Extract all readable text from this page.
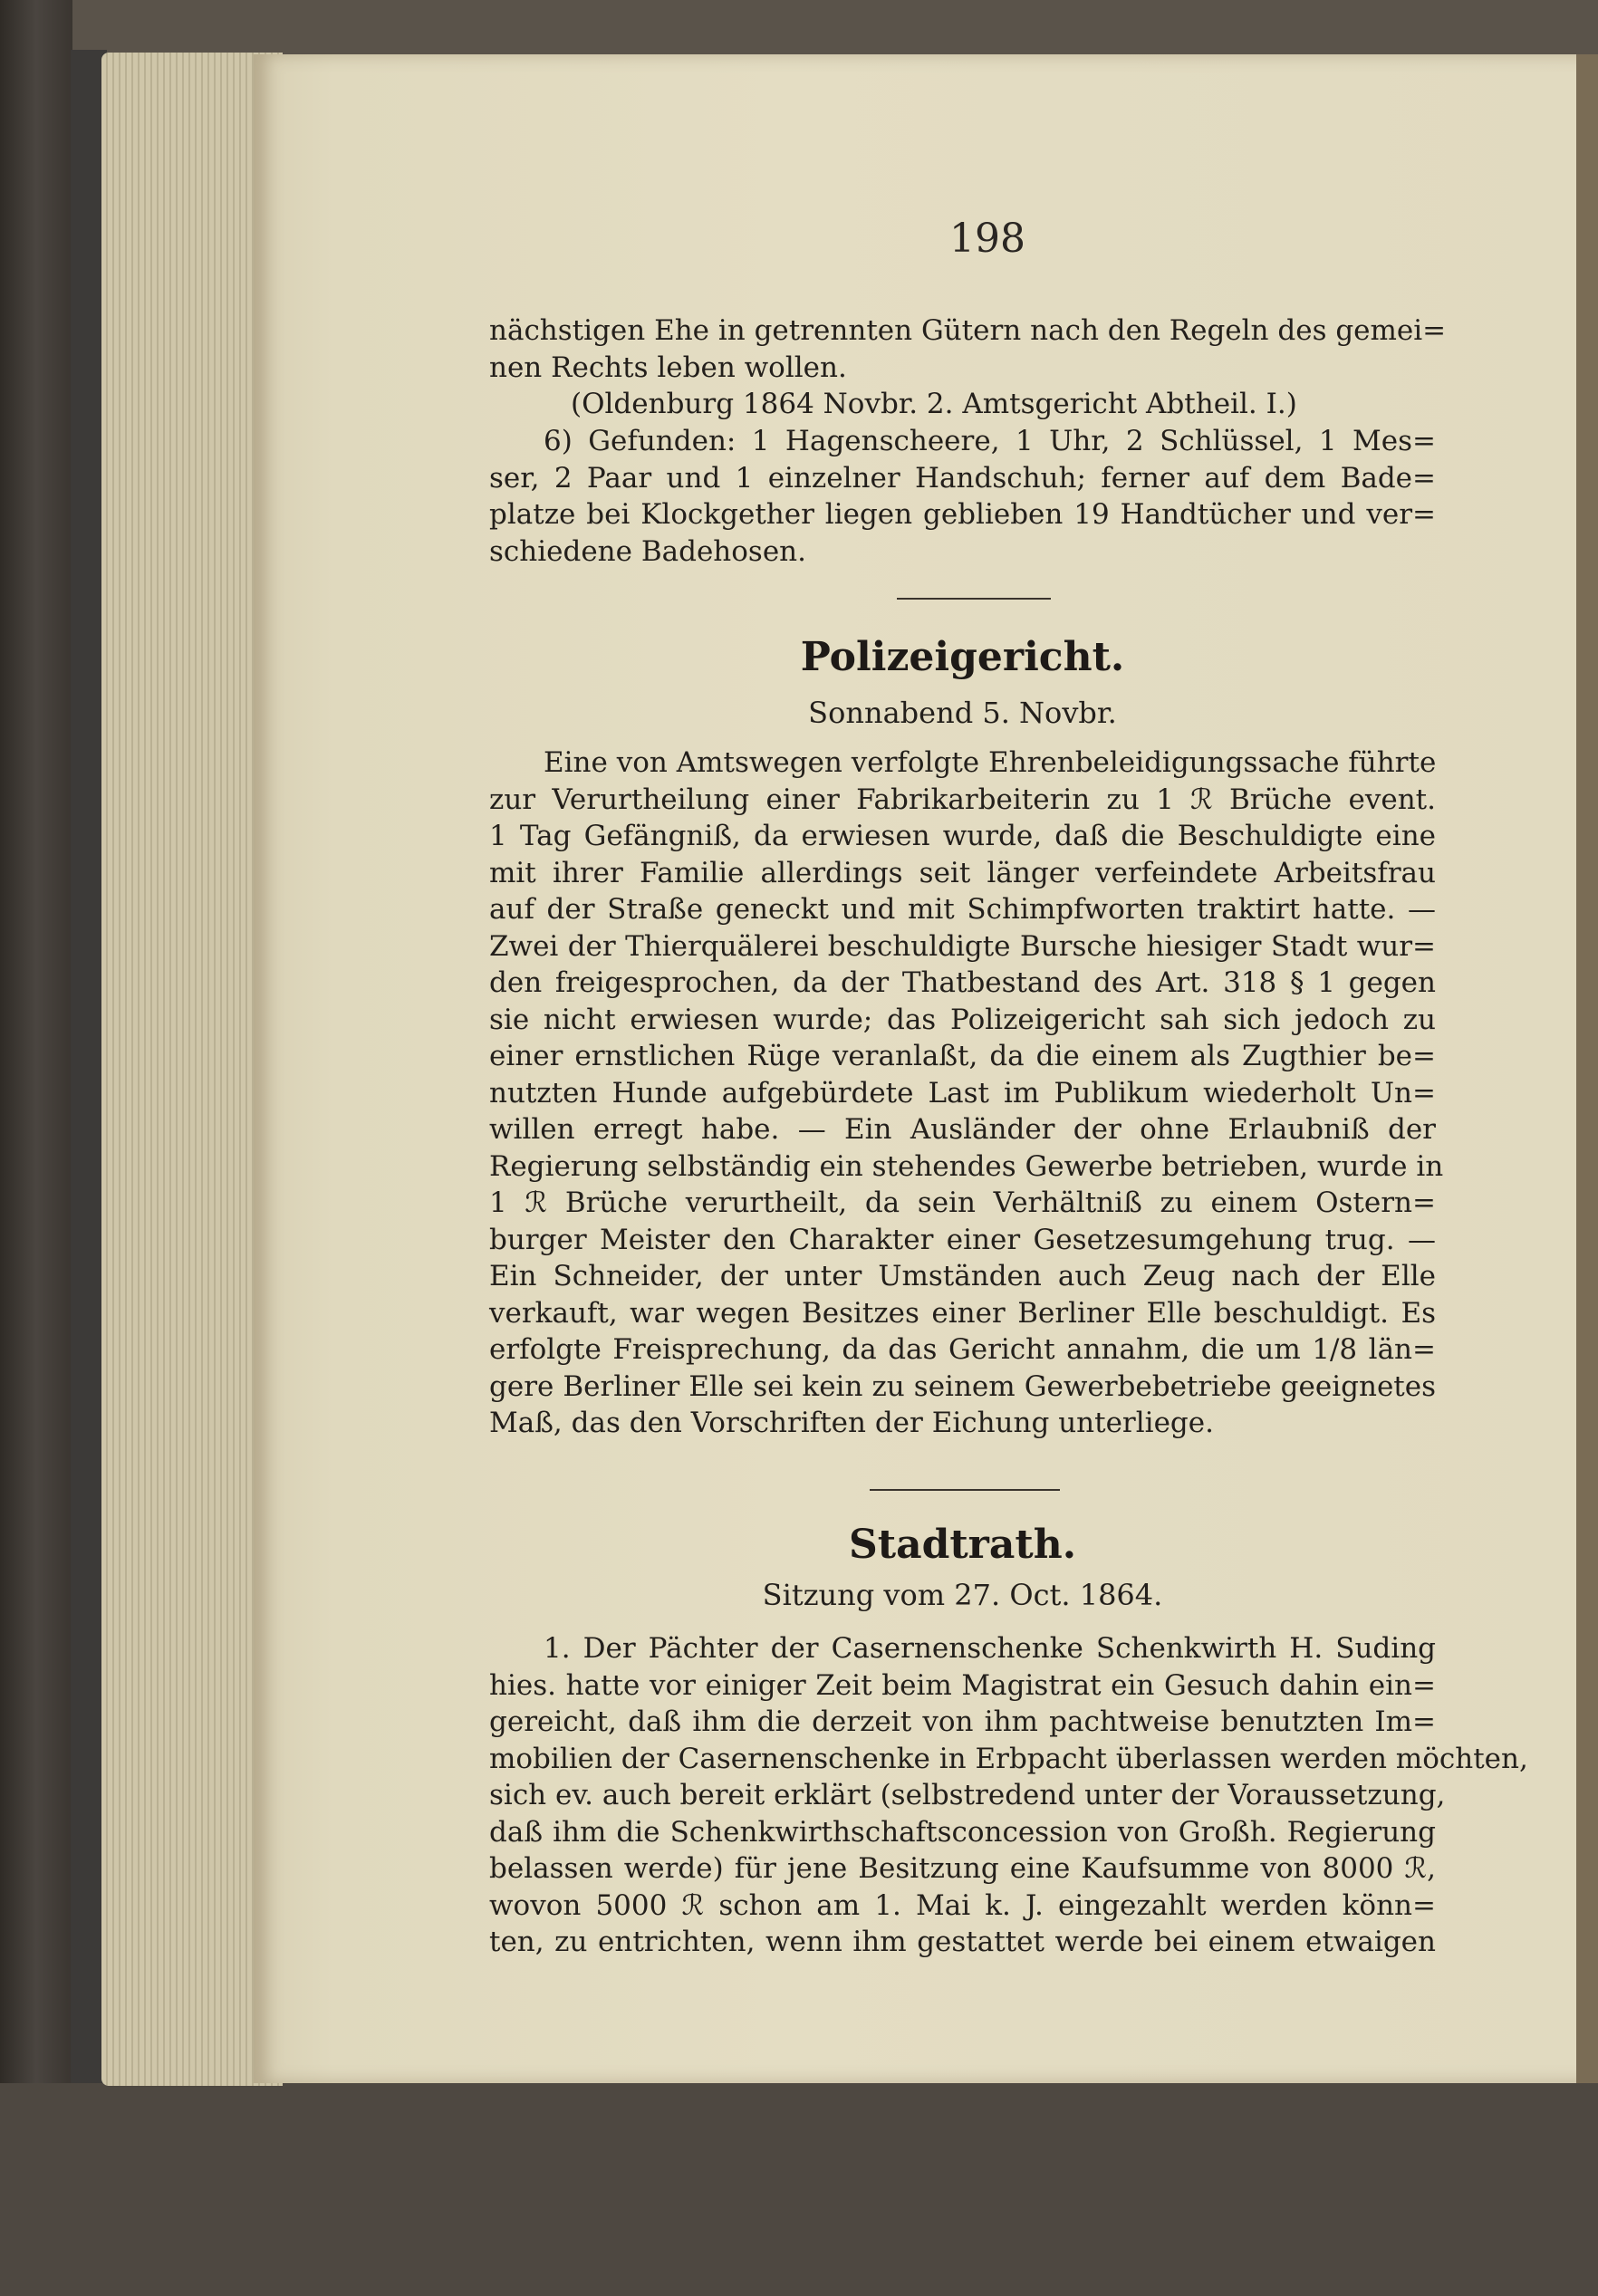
198
nächstigen Ehe in getrennten Gütern nach den Regeln des gemei=
nen Rechts leben wollen.
(Oldenburg 1864 Novbr. 2. Amtsgericht Abtheil. I.)
6) Gefunden: 1 Hagenscheere, 1 Uhr, 2 Schlüssel, 1 Mes=
ser, 2 Paar und 1 einzelner Handschuh; ferner auf dem Bade=
platze bei Klockgether liegen geblieben 19 Handtücher und ver=
schiedene Badehosen.
Polizeigericht.
Sonnabend 5. Novbr.
Eine von Amtswegen verfolgte Ehrenbeleidigungssache führte
zur Verurtheilung einer Fabrikarbeiterin zu 1 ℛ Brüche event.
1 Tag Gefängniß, da erwiesen wurde, daß die Beschuldigte eine
mit ihrer Familie allerdings seit länger verfeindete Arbeitsfrau
auf der Straße geneckt und mit Schimpfworten traktirt hatte. —
Zwei der Thierquälerei beschuldigte Bursche hiesiger Stadt wur=
den freigesprochen, da der Thatbestand des Art. 318 § 1 gegen
sie nicht erwiesen wurde; das Polizeigericht sah sich jedoch zu
einer ernstlichen Rüge veranlaßt, da die einem als Zugthier be=
nutzten Hunde aufgebürdete Last im Publikum wiederholt Un=
willen erregt habe. — Ein Ausländer der ohne Erlaubniß der
Regierung selbständig ein stehendes Gewerbe betrieben, wurde in
1 ℛ Brüche verurtheilt, da sein Verhältniß zu einem Ostern=
burger Meister den Charakter einer Gesetzesumgehung trug. —
Ein Schneider, der unter Umständen auch Zeug nach der Elle
verkauft, war wegen Besitzes einer Berliner Elle beschuldigt. Es
erfolgte Freisprechung, da das Gericht annahm, die um 1/8 län=
gere Berliner Elle sei kein zu seinem Gewerbebetriebe geeignetes
Maß, das den Vorschriften der Eichung unterliege.
Stadtrath.
Sitzung vom 27. Oct. 1864.
1. Der Pächter der Casernenschenke Schenkwirth H. Suding
hies. hatte vor einiger Zeit beim Magistrat ein Gesuch dahin ein=
gereicht, daß ihm die derzeit von ihm pachtweise benutzten Im=
mobilien der Casernenschenke in Erbpacht überlassen werden möchten,
sich ev. auch bereit erklärt (selbstredend unter der Voraussetzung,
daß ihm die Schenkwirthschaftsconcession von Großh. Regierung
belassen werde) für jene Besitzung eine Kaufsumme von 8000 ℛ,
wovon 5000 ℛ schon am 1. Mai k. J. eingezahlt werden könn=
ten, zu entrichten, wenn ihm gestattet werde bei einem etwaigen
